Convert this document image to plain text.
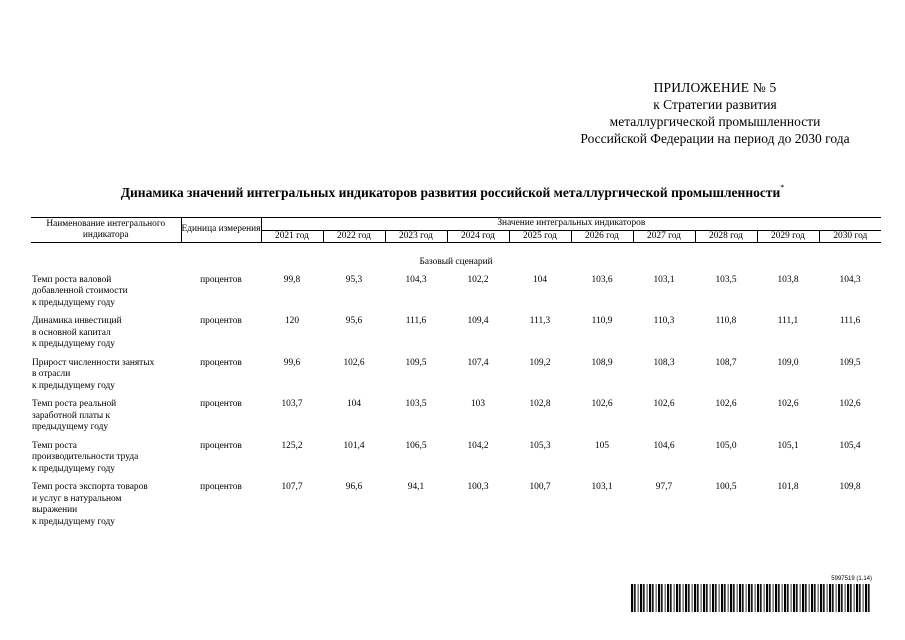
ПРИЛОЖЕНИЕ № 5
к Стратегии развития
металлургической промышленности
Российской Федерации на период до 2030 года
Динамика значений интегральных индикаторов развития российской металлургической промышленности*
Наименование интегрального индикатора	Единица измерения	Значение интегральных индикаторов									
		2021 год	2022 год	2023 год	2024 год	2025 год	2026 год	2027 год	2028 год	2029 год	2030 год
Базовый сценарий											

Темп роста валовой
добавленной стоимости
к предыдущему году	процентов	99,8	95,3	104,3	102,2	104	103,6	103,1	103,5	103,8	104,3

Динамика инвестиций
в основной капитал
к предыдущему году	процентов	120	95,6	111,6	109,4	111,3	110,9	110,3	110,8	111,1	111,6

Прирост численности занятых
в отрасли
к предыдущему году	процентов	99,6	102,6	109,5	107,4	109,2	108,9	108,3	108,7	109,0	109,5

Темп роста реальной
заработной платы к
предыдущему году	процентов	103,7	104	103,5	103	102,8	102,6	102,6	102,6	102,6	102,6

Темп роста
производительности труда
к предыдущему году	процентов	125,2	101,4	106,5	104,2	105,3	105	104,6	105,0	105,1	105,4

Темп роста экспорта товаров
и услуг в натуральном
выражении
к предыдущему году	процентов	107,7	96,6	94,1	100,3	100,7	103,1	97,7	100,5	101,8	109,8
5997519 (1.14)
